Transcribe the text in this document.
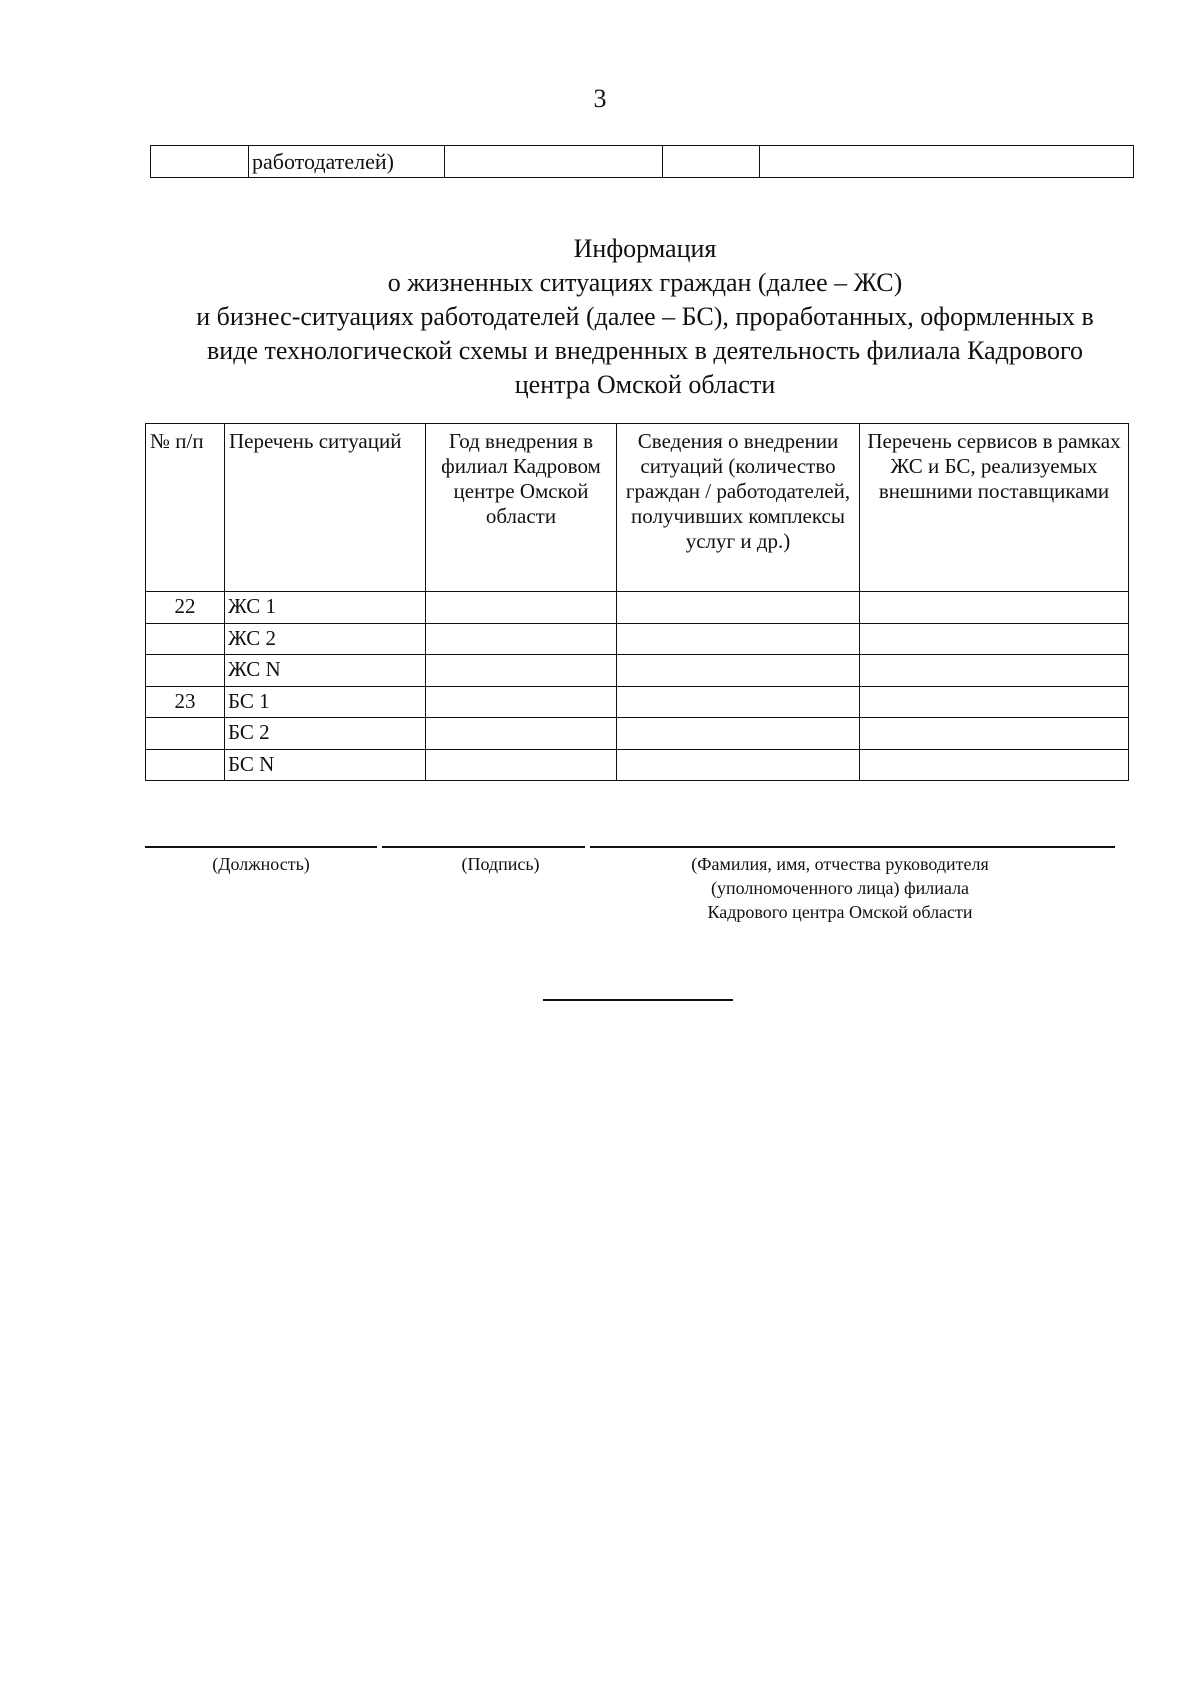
3
	работодателей)			
Информация
о жизненных ситуациях граждан (далее – ЖС)
и бизнес-ситуациях работодателей (далее – БС), проработанных, оформленных в
виде технологической схемы и внедренных в деятельность филиала Кадрового
центра Омской области
№ п/п	Перечень ситуаций	Год внедрения в филиал Кадровом центре Омской области	Сведения о внедрении ситуаций (количество граждан / работодателей, получивших комплексы услуг и др.)	Перечень сервисов в рамках ЖС и БС, реализуемых внешними поставщиками
22	ЖС 1			
	ЖС 2			
	ЖС N			
23	БС 1			
	БС 2			
	БС N			
(Должность)	(Подпись)	(Фамилия, имя, отчества руководителя
(уполномоченного лица) филиала
Кадрового центра Омской области
